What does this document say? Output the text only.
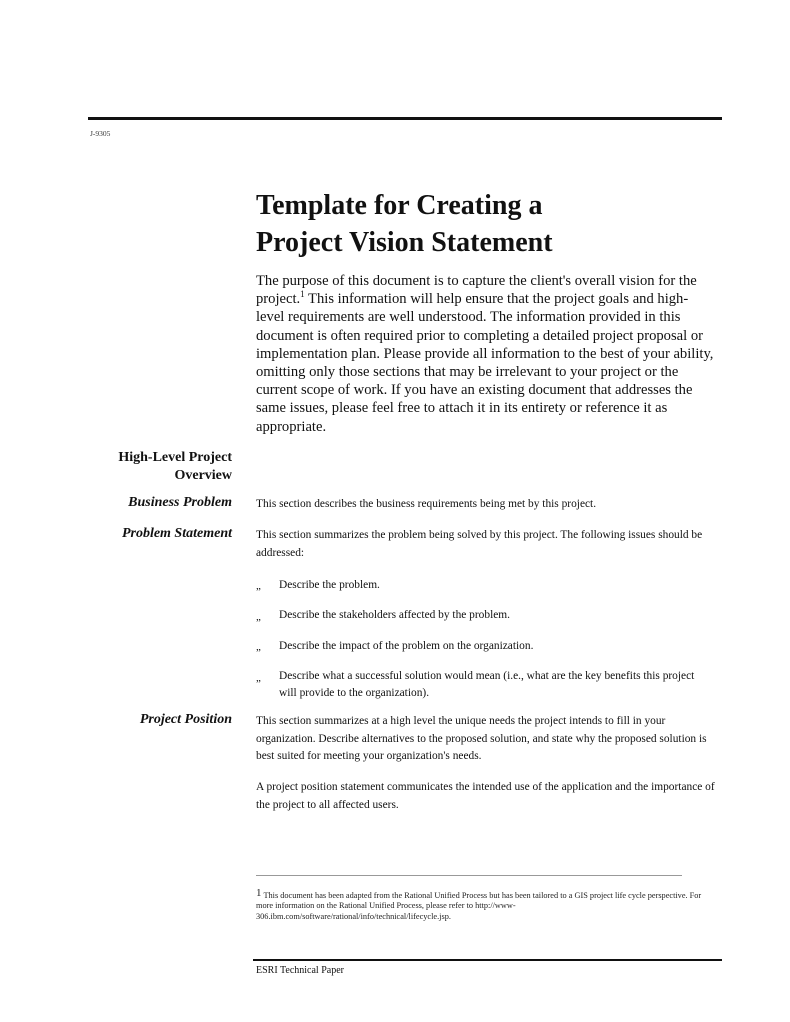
J-9305
Template for Creating a
Project Vision Statement
The purpose of this document is to capture the client's overall vision for the project.$^1$ This information will help ensure that the project goals and high-level requirements are well understood. The information provided in this document is often required prior to completing a detailed project proposal or implementation plan. Please provide all information to the best of your ability, omitting only those sections that may be irrelevant to your project or the current scope of work. If you have an existing document that addresses the same issues, please feel free to attach it in its entirety or reference it as appropriate.
High-Level Project
Overview
Business Problem This section describes the business requirements being met by this project.
Problem Statement This section summarizes the problem being solved by this project. The following issues should be addressed:
„ Describe the problem.
„ Describe the stakeholders affected by the problem.
„ Describe the impact of the problem on the organization.
„ Describe what a successful solution would mean (i.e., what are the key benefits this project will provide to the organization).
Project Position This section summarizes at a high level the unique needs the project intends to fill in your organization. Describe alternatives to the proposed solution, and state why the proposed solution is best suited for meeting your organization's needs.
A project position statement communicates the intended use of the application and the importance of the project to all affected users.
1 This document has been adapted from the Rational Unified Process but has been tailored to a GIS project life cycle perspective. For more information on the Rational Unified Process, please refer to http://www-306.ibm.com/software/rational/info/technical/lifecycle.jsp.
ESRI Technical Paper
